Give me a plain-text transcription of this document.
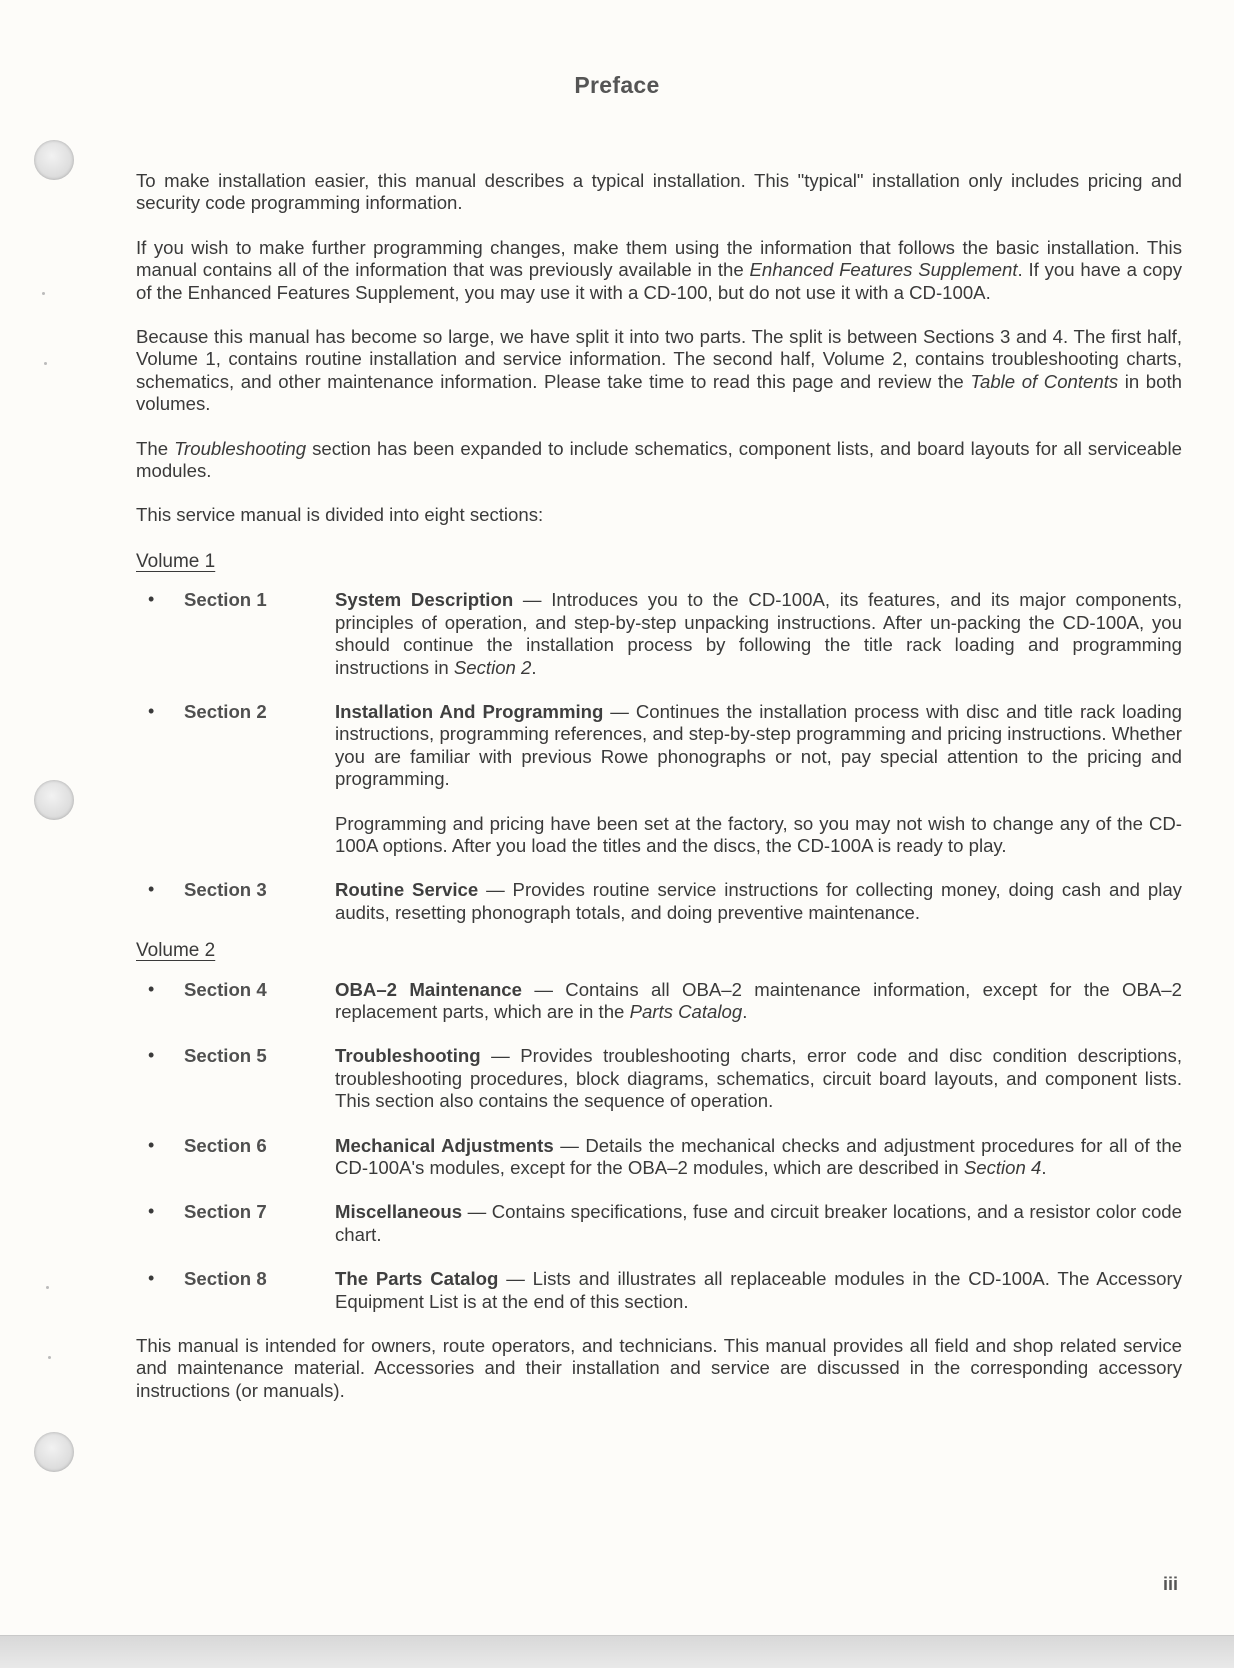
Preface

To make installation easier, this manual describes a typical installation. This "typical" installation only includes pricing and security code programming information.

If you wish to make further programming changes, make them using the information that follows the basic installation. This manual contains all of the information that was previously available in the Enhanced Features Supplement. If you have a copy of the Enhanced Features Supplement, you may use it with a CD-100, but do not use it with a CD-100A.

Because this manual has become so large, we have split it into two parts. The split is between Sections 3 and 4. The first half, Volume 1, contains routine installation and service information. The second half, Volume 2, contains troubleshooting charts, schematics, and other maintenance information. Please take time to read this page and review the Table of Contents in both volumes.

The Troubleshooting section has been expanded to include schematics, component lists, and board layouts for all serviceable modules.

This service manual is divided into eight sections:

Volume 1
• Section 1	System Description — Introduces you to the CD-100A, its features, and its major components, principles of operation, and step-by-step unpacking instructions. After un-packing the CD-100A, you should continue the installation process by following the title rack loading and programming instructions in Section 2.

• Section 2	Installation And Programming — Continues the installation process with disc and title rack loading instructions, programming references, and step-by-step programming and pricing instructions. Whether you are familiar with previous Rowe phonographs or not, pay special attention to the pricing and programming.

Programming and pricing have been set at the factory, so you may not wish to change any of the CD-100A options. After you load the titles and the discs, the CD-100A is ready to play.

• Section 3	Routine Service — Provides routine service instructions for collecting money, doing cash and play audits, resetting phonograph totals, and doing preventive maintenance.

Volume 2
• Section 4	OBA–2 Maintenance — Contains all OBA–2 maintenance information, except for the OBA–2 replacement parts, which are in the Parts Catalog.

• Section 5	Troubleshooting — Provides troubleshooting charts, error code and disc condition descriptions, troubleshooting procedures, block diagrams, schematics, circuit board layouts, and component lists. This section also contains the sequence of operation.

• Section 6	Mechanical Adjustments — Details the mechanical checks and adjustment procedures for all of the CD-100A's modules, except for the OBA–2 modules, which are described in Section 4.

• Section 7	Miscellaneous — Contains specifications, fuse and circuit breaker locations, and a resistor color code chart.

• Section 8	The Parts Catalog — Lists and illustrates all replaceable modules in the CD-100A. The Accessory Equipment List is at the end of this section.

This manual is intended for owners, route operators, and technicians. This manual provides all field and shop related service and maintenance material. Accessories and their installation and service are discussed in the corresponding accessory instructions (or manuals).

iii
